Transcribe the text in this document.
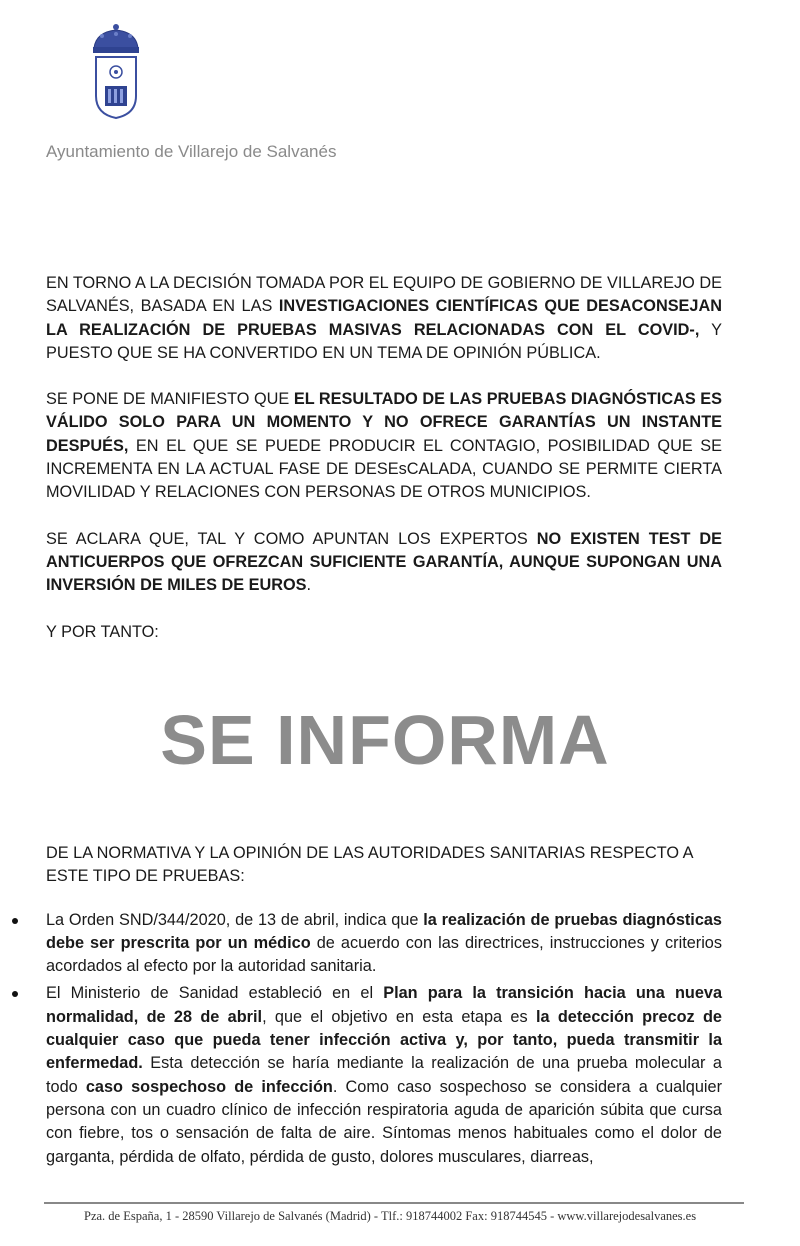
Ayuntamiento de Villarejo de Salvanés

EN TORNO A LA DECISIÓN TOMADA POR EL EQUIPO DE GOBIERNO DE VILLAREJO DE SALVANÉS, BASADA EN LAS INVESTIGACIONES CIENTÍFICAS QUE DESACONSEJAN LA REALIZACIÓN DE PRUEBAS MASIVAS RELACIONADAS CON EL COVID-, Y PUESTO QUE SE HA CONVERTIDO EN UN TEMA DE OPINIÓN PÚBLICA.

SE PONE DE MANIFIESTO QUE EL RESULTADO DE LAS PRUEBAS DIAGNÓSTICAS ES VÁLIDO SOLO PARA UN MOMENTO Y NO OFRECE GARANTÍAS UN INSTANTE DESPUÉS, EN EL QUE SE PUEDE PRODUCIR EL CONTAGIO, POSIBILIDAD QUE SE INCREMENTA EN LA ACTUAL FASE DE DESEsCALADA, CUANDO SE PERMITE CIERTA MOVILIDAD Y RELACIONES CON PERSONAS DE OTROS MUNICIPIOS.

SE ACLARA QUE, TAL Y COMO APUNTAN LOS EXPERTOS NO EXISTEN TEST DE ANTICUERPOS QUE OFREZCAN SUFICIENTE GARANTÍA, AUNQUE SUPONGAN UNA INVERSIÓN DE MILES DE EUROS.

Y POR TANTO:

SE INFORMA

DE LA NORMATIVA Y LA OPINIÓN DE LAS AUTORIDADES SANITARIAS RESPECTO A ESTE TIPO DE PRUEBAS:

La Orden SND/344/2020, de 13 de abril, indica que la realización de pruebas diagnósticas debe ser prescrita por un médico de acuerdo con las directrices, instrucciones y criterios acordados al efecto por la autoridad sanitaria.
El Ministerio de Sanidad estableció en el Plan para la transición hacia una nueva normalidad, de 28 de abril, que el objetivo en esta etapa es la detección precoz de cualquier caso que pueda tener infección activa y, por tanto, pueda transmitir la enfermedad. Esta detección se haría mediante la realización de una prueba molecular a todo caso sospechoso de infección. Como caso sospechoso se considera a cualquier persona con un cuadro clínico de infección respiratoria aguda de aparición súbita que cursa con fiebre, tos o sensación de falta de aire. Síntomas menos habituales como el dolor de garganta, pérdida de olfato, pérdida de gusto, dolores musculares, diarreas,
Pza. de España, 1 - 28590 Villarejo de Salvanés (Madrid) - Tlf.: 918744002 Fax: 918744545 - www.villarejodesalvanes.es
